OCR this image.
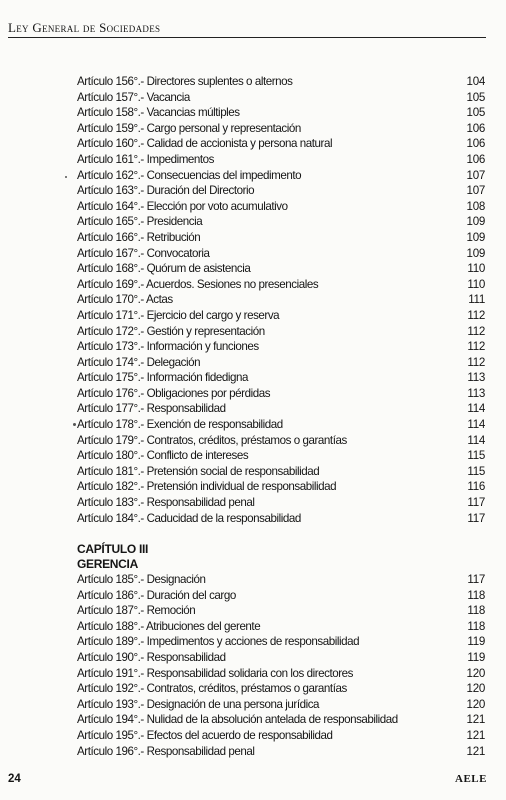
Ley General de Sociedades
Artículo 156°.- Directores suplentes o alternos	104
Artículo 157°.- Vacancia	105
Artículo 158°.- Vacancias múltiples	105
Artículo 159°.- Cargo personal y representación	106
Artículo 160°.- Calidad de accionista y persona natural	106
Artículo 161°.- Impedimentos	106
Artículo 162°.- Consecuencias del impedimento	107
Artículo 163°.- Duración del Directorio	107
Artículo 164°.- Elección por voto acumulativo	108
Artículo 165°.- Presidencia	109
Artículo 166°.- Retribución	109
Artículo 167°.- Convocatoria	109
Artículo 168°.- Quórum de asistencia	110
Artículo 169°.- Acuerdos. Sesiones no presenciales	110
Artículo 170°.- Actas	111
Artículo 171°.- Ejercicio del cargo y reserva	112
Artículo 172°.- Gestión y representación	112
Artículo 173°.- Información y funciones	112
Artículo 174°.- Delegación	112
Artículo 175°.- Información fidedigna	113
Artículo 176°.- Obligaciones por pérdidas	113
Artículo 177°.- Responsabilidad	114
Artículo 178°.- Exención de responsabilidad	114
Artículo 179°.- Contratos, créditos, préstamos o garantías	114
Artículo 180°.- Conflicto de intereses	115
Artículo 181°.- Pretensión social de responsabilidad	115
Artículo 182°.- Pretensión individual de responsabilidad	116
Artículo 183°.- Responsabilidad penal	117
Artículo 184°.- Caducidad de la responsabilidad	117
CAPÍTULO III
GERENCIA
Artículo 185°.- Designación	117
Artículo 186°.- Duración del cargo	118
Artículo 187°.- Remoción	118
Artículo 188°.- Atribuciones del gerente	118
Artículo 189°.- Impedimentos y acciones de responsabilidad	119
Artículo 190°.- Responsabilidad	119
Artículo 191°.- Responsabilidad solidaria con los directores	120
Artículo 192°.- Contratos, créditos, préstamos o garantías	120
Artículo 193°.- Designación de una persona jurídica	120
Artículo 194°.- Nulidad de la absolución antelada de responsabilidad	121
Artículo 195°.- Efectos del acuerdo de responsabilidad	121
Artículo 196°.- Responsabilidad penal	121
24	AELE
